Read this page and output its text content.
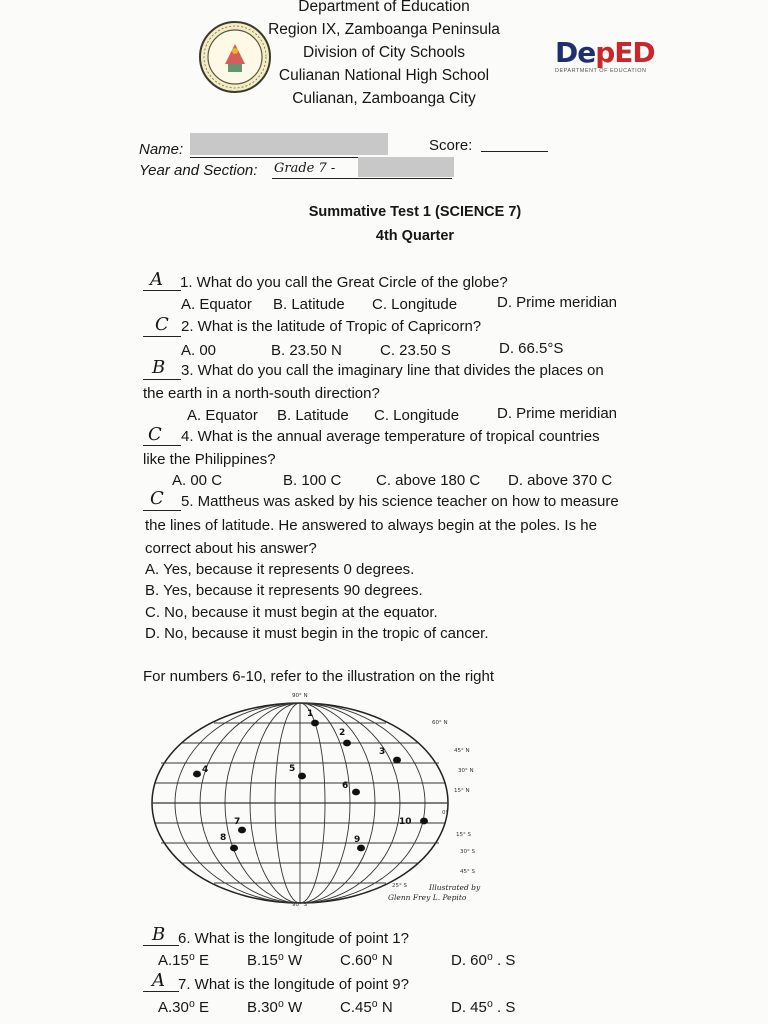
Department of Education
Region IX, Zamboanga Peninsula
Division of City Schools
Culianan National High School
Culianan, Zamboanga City
DepED
DEPARTMENT OF EDUCATION
Name:	Score:
Year and Section: Grade 7 -
Summative Test 1 (SCIENCE 7)
4th Quarter
A 1. What do you call the Great Circle of the globe?
A. Equator B. Latitude C. Longitude	D. Prime meridian
C 2. What is the latitude of Tropic of Capricorn?
A. 00	B. 23.50 N	C. 23.50 S	D. 66.5°S
B 3. What do you call the imaginary line that divides the places on
the earth in a north-south direction?
A. Equator B. Latitude C. Longitude	D. Prime meridian
C 4. What is the annual average temperature of tropical countries
like the Philippines?
A. 00 C	B. 100 C C. above 180 C D. above 370 C
C 5. Mattheus was asked by his science teacher on how to measure
the lines of latitude. He answered to always begin at the poles. Is he
correct about his answer?
A. Yes, because it represents 0 degrees.
B. Yes, because it represents 90 degrees.
C. No, because it must begin at the equator.
D. No, because it must begin in the tropic of cancer.
For numbers 6-10, refer to the illustration on the right
90° N
60° N
45° N
30° N
15° N
0°
15° S
30° S
45° S
25° S
90° S
1
2
3
4	5
6
7
8	9
10
Illustrated by
Glenn Frey L. Pepito
B 6. What is the longitude of point 1?
A.15⁰ E	B.15⁰ W	C.60⁰ N	D. 60⁰ . S
A 7. What is the longitude of point 9?
A.30⁰ E	B.30⁰ W	C.45⁰ N	D. 45⁰ . S
